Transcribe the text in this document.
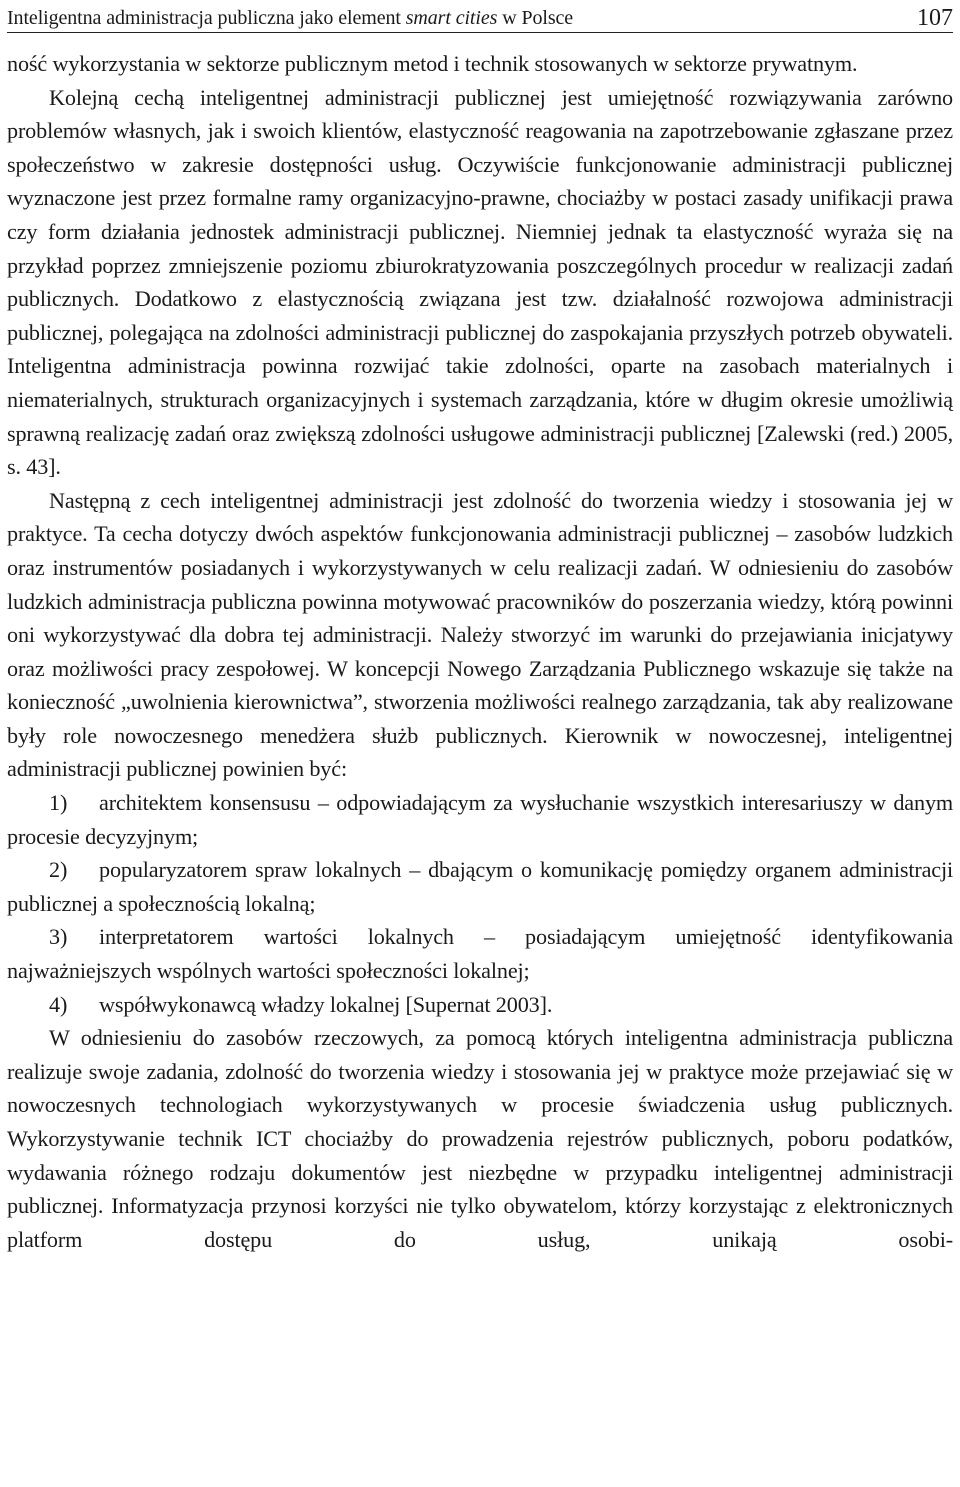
Inteligentna administracja publiczna jako element smart cities w Polsce	107

ność wykorzystania w sektorze publicznym metod i technik stosowanych w sektorze prywatnym.

Kolejną cechą inteligentnej administracji publicznej jest umiejętność rozwiązywania zarówno problemów własnych, jak i swoich klientów, elastyczność reagowania na zapotrzebowanie zgłaszane przez społeczeństwo w zakresie dostępności usług. Oczywiście funkcjonowanie administracji publicznej wyznaczone jest przez formalne ramy organizacyjno-prawne, chociażby w postaci zasady unifikacji prawa czy form działania jednostek administracji publicznej. Niemniej jednak ta elastyczność wyraża się na przykład poprzez zmniejszenie poziomu zbiurokratyzowania poszczególnych procedur w realizacji zadań publicznych. Dodatkowo z elastycznością związana jest tzw. działalność rozwojowa administracji publicznej, polegająca na zdolności administracji publicznej do zaspokajania przyszłych potrzeb obywateli. Inteligentna administracja powinna rozwijać takie zdolności, oparte na zasobach materialnych i niematerialnych, strukturach organizacyjnych i systemach zarządzania, które w długim okresie umożliwią sprawną realizację zadań oraz zwiększą zdolności usługowe administracji publicznej [Zalewski (red.) 2005, s. 43].

Następną z cech inteligentnej administracji jest zdolność do tworzenia wiedzy i stosowania jej w praktyce. Ta cecha dotyczy dwóch aspektów funkcjonowania administracji publicznej – zasobów ludzkich oraz instrumentów posiadanych i wykorzystywanych w celu realizacji zadań. W odniesieniu do zasobów ludzkich administracja publiczna powinna motywować pracowników do poszerzania wiedzy, którą powinni oni wykorzystywać dla dobra tej administracji. Należy stworzyć im warunki do przejawiania inicjatywy oraz możliwości pracy zespołowej. W koncepcji Nowego Zarządzania Publicznego wskazuje się także na konieczność „uwolnienia kierownictwa”, stworzenia możliwości realnego zarządzania, tak aby realizowane były role nowoczesnego menedżera służb publicznych. Kierownik w nowoczesnej, inteligentnej administracji publicznej powinien być:

1) architektem konsensusu – odpowiadającym za wysłuchanie wszystkich interesariuszy w danym procesie decyzyjnym;

2) popularyzatorem spraw lokalnych – dbającym o komunikację pomiędzy organem administracji publicznej a społecznością lokalną;

3) interpretatorem wartości lokalnych – posiadającym umiejętność identyfikowania najważniejszych wspólnych wartości społeczności lokalnej;

4) współwykonawcą władzy lokalnej [Supernat 2003].

W odniesieniu do zasobów rzeczowych, za pomocą których inteligentna administracja publiczna realizuje swoje zadania, zdolność do tworzenia wiedzy i stosowania jej w praktyce może przejawiać się w nowoczesnych technologiach wykorzystywanych w procesie świadczenia usług publicznych. Wykorzystywanie technik ICT chociażby do prowadzenia rejestrów publicznych, poboru podatków, wydawania różnego rodzaju dokumentów jest niezbędne w przypadku inteligentnej administracji publicznej. Informatyzacja przynosi korzyści nie tylko obywatelom, którzy korzystając z elektronicznych platform dostępu do usług, unikają osobi-
